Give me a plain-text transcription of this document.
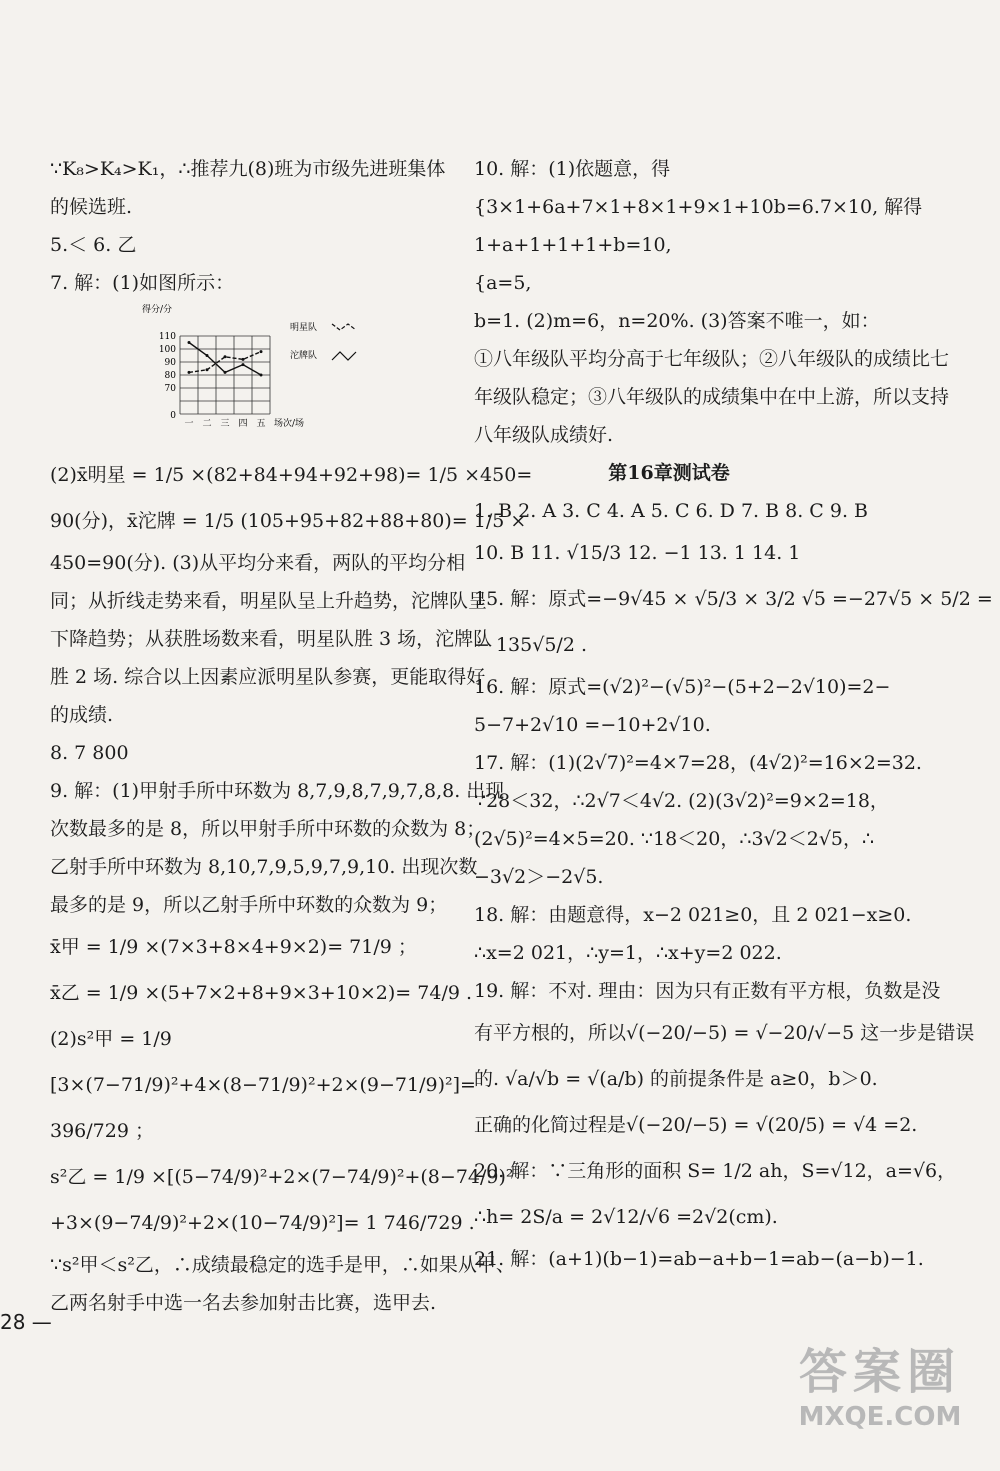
∵K₈>K₄>K₁，∴推荐九(8)班为市级先进班集体
的候选班.
5.＜ 6. 乙
7. 解：(1)如图所示：
得分/分
0
70
80
90
100
110
一 二 三 四 五 场次/场
明星队
沱牌队
(2)x̄明星 = 1/5 ×(82+84+94+92+98)= 1/5 ×450=
90(分)，x̄沱牌 = 1/5 (105+95+82+88+80)= 1/5 ×
450=90(分). (3)从平均分来看，两队的平均分相
同；从折线走势来看，明星队呈上升趋势，沱牌队呈
下降趋势；从获胜场数来看，明星队胜 3 场，沱牌队
胜 2 场. 综合以上因素应派明星队参赛，更能取得好
的成绩.
8. 7 800
9. 解：(1)甲射手所中环数为 8,7,9,8,7,9,7,8,8. 出现
次数最多的是 8，所以甲射手所中环数的众数为 8；
乙射手所中环数为 8,10,7,9,5,9,7,9,10. 出现次数
最多的是 9，所以乙射手所中环数的众数为 9；
x̄甲 = 1/9 ×(7×3+8×4+9×2)= 71/9 ；
x̄乙 = 1/9 ×(5+7×2+8+9×3+10×2)= 74/9 .
(2)s²甲 = 1/9
[3×(7−71/9)²+4×(8−71/9)²+2×(9−71/9)²]=
396/729 ；
s²乙 = 1/9 ×[(5−74/9)²+2×(7−74/9)²+(8−74/9)²
+3×(9−74/9)²+2×(10−74/9)²]= 1 746/729 .
∵s²甲＜s²乙，∴成绩最稳定的选手是甲，∴如果从甲、
乙两名射手中选一名去参加射击比赛，选甲去.
10. 解：(1)依题意，得
{3×1+6a+7×1+8×1+9×1+10b=6.7×10, 解得
1+a+1+1+1+b=10,
{a=5,
b=1. (2)m=6，n=20%. (3)答案不唯一，如：
①八年级队平均分高于七年级队；②八年级队的成绩比七
年级队稳定；③八年级队的成绩集中在中上游，所以支持
八年级队成绩好.
第16章测试卷
1. B 2. A 3. C 4. A 5. C 6. D 7. B 8. C 9. B
10. B 11. √15/3 12. −1 13. 1 14. 1
15. 解：原式=−9√45 × √5/3 × 3/2 √5 =−27√5 × 5/2 =
− 135√5/2 .
16. 解：原式=(√2)²−(√5)²−(5+2−2√10)=2−
5−7+2√10 =−10+2√10.
17. 解：(1)(2√7)²=4×7=28，(4√2)²=16×2=32.
∵28＜32，∴2√7＜4√2. (2)(3√2)²=9×2=18，
(2√5)²=4×5=20. ∵18＜20，∴3√2＜2√5，∴
−3√2＞−2√5.
18. 解：由题意得，x−2 021≥0，且 2 021−x≥0.
∴x=2 021，∴y=1，∴x+y=2 022.
19. 解：不对. 理由：因为只有正数有平方根，负数是没
有平方根的，所以√(−20/−5) = √−20/√−5 这一步是错误
的. √a/√b = √(a/b) 的前提条件是 a≥0，b＞0.
正确的化简过程是√(−20/−5) = √(20/5) = √4 =2.
20. 解：∵三角形的面积 S= 1/2 ah，S=√12，a=√6，
∴h= 2S/a = 2√12/√6 =2√2(cm).
21. 解：(a+1)(b−1)=ab−a+b−1=ab−(a−b)−1.
28 —
答案圈
MXQE.COM
